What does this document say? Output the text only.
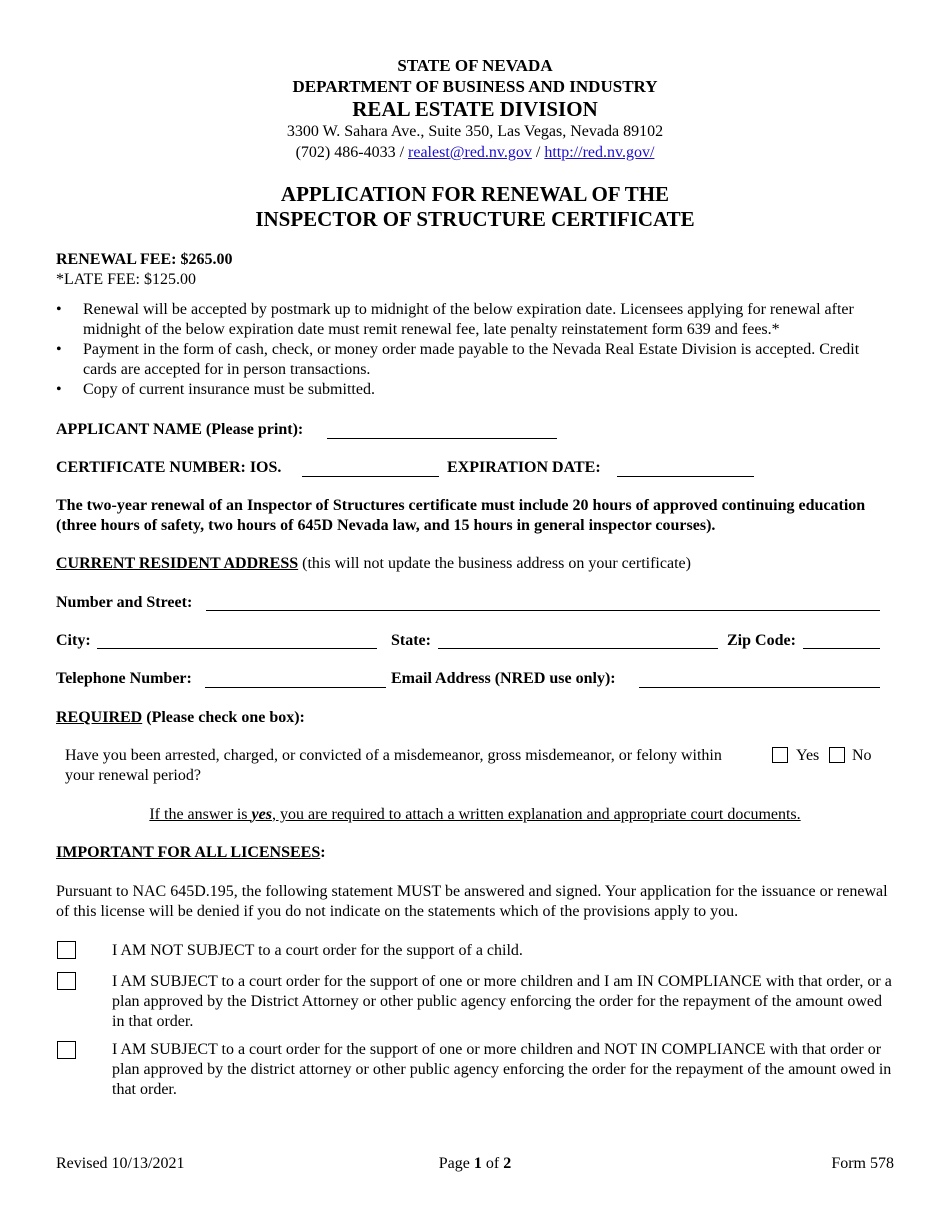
STATE OF NEVADA
DEPARTMENT OF BUSINESS AND INDUSTRY
REAL ESTATE DIVISION
3300 W. Sahara Ave., Suite 350, Las Vegas, Nevada 89102
(702) 486-4033 / realest@red.nv.gov / http://red.nv.gov/
APPLICATION FOR RENEWAL OF THE
INSPECTOR OF STRUCTURE CERTIFICATE
RENEWAL FEE: $265.00
*LATE FEE: $125.00
• Renewal will be accepted by postmark up to midnight of the below expiration date. Licensees applying for renewal after midnight of the below expiration date must remit renewal fee, late penalty reinstatement form 639 and fees.*
• Payment in the form of cash, check, or money order made payable to the Nevada Real Estate Division is accepted. Credit cards are accepted for in person transactions.
• Copy of current insurance must be submitted.
APPLICANT NAME (Please print):
CERTIFICATE NUMBER: IOS.	EXPIRATION DATE:
The two-year renewal of an Inspector of Structures certificate must include 20 hours of approved continuing education (three hours of safety, two hours of 645D Nevada law, and 15 hours in general inspector courses).
CURRENT RESIDENT ADDRESS (this will not update the business address on your certificate)
Number and Street:
City:	State:	Zip Code:
Telephone Number:	Email Address (NRED use only):
REQUIRED (Please check one box):
Have you been arrested, charged, or convicted of a misdemeanor, gross misdemeanor, or felony within your renewal period?
Yes No
If the answer is yes, you are required to attach a written explanation and appropriate court documents.
IMPORTANT FOR ALL LICENSEES:
Pursuant to NAC 645D.195, the following statement MUST be answered and signed. Your application for the issuance or renewal of this license will be denied if you do not indicate on the statements which of the provisions apply to you.
I AM NOT SUBJECT to a court order for the support of a child.
I AM SUBJECT to a court order for the support of one or more children and I am IN COMPLIANCE with that order, or a plan approved by the District Attorney or other public agency enforcing the order for the repayment of the amount owed in that order.
I AM SUBJECT to a court order for the support of one or more children and NOT IN COMPLIANCE with that order or plan approved by the district attorney or other public agency enforcing the order for the repayment of the amount owed in that order.
Revised 10/13/2021	Page 1 of 2	Form 578
